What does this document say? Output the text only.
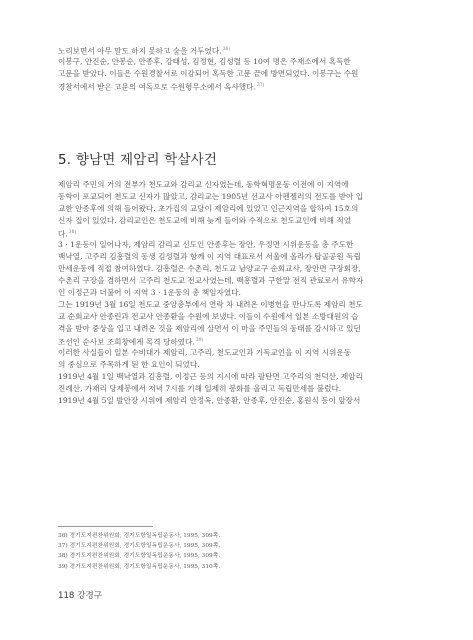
노리보면서 아무 말도 하지 못하고 숨을 거두었다.$^{36)}$
이봉구, 안진순, 안봉순, 안종후, 강태성, 김정현, 김성렬 등 10여 명은 주재소에서 혹독한
고문을 받았다. 이들은 수원경찰서로 이감되어 혹독한 고문 끝에 방면되었다. 이봉구는 수원
경찰서에서 받은 고문의 여독으로 수원형무소에서 옥사했다.$^{37)}$
5. 향남면 제암리 학살사건
제암리 주민의 거의 전부가 천도교와 감리교 신자였는데, 동학혁명운동 이전에 이 지역에
동학이 포교되어 천도교 신자가 많았고, 감리교는 1905년 선교사 아펜젤러의 전도를 받아 입
교한 안종후에 의해 들어왔다. 초가집의 교당이 제암리에 있었고 인근지역을 합하여 15호의
신자 집이 있었다. 감리교인은 천도교에 비해 늦게 들어와 수적으로 천도교인에 비해 적었
다.$^{38)}$
3 · 1운동이 일어나자, 제암리 감리교 신도인 안종후는 장안, 우정면 시위운동을 총 주도한
백낙열, 고주리 김흥렬의 동생 김성렬과 함께 이 지역 대표로서 서울에 올라가 탑골공원 독립
만세운동에 직접 참여하였다. 김흥렬은 수촌리, 천도교 남양교구 순회교사, 장안면 구장회장,
수촌리 구장을 겸하면서 고주리 천도교 전교사였는데, 백흥렬과 구한말 전직 관료로서 유학자
인 이정근과 더불어 이 지역 3 · 1운동의 총 책임자였다.
그는 1919년 3월 16일 천도교 중앙총부에서 연락 차 내려온 이병헌을 만나도록 제암리 천도
교 순회교사 안종린과 전교사 안종환을 수원에 보냈다. 이들이 수원에서 일본 소방대원의 습
격을 받아 중상을 입고 내려온 것을 제암리에 살면서 이 마을 주민들의 동태를 감시하고 있던
조선인 순사보 조희창에게 목격 당하였다.$^{39)}$
이러한 사실들이 일본 수비대가 제암리, 고주리, 천도교인과 기독교인을 이 지역 시위운동
의 중심으로 주목하게 된 한 요인이 되었다.
1919년 4월 1일 백낙열과 김흥렬, 이정근 등의 지시에 따라 팔탄면 고주리의 천덕산, 제암리
진례산, 가재리 당제봉에서 저녁 7시를 기해 일제히 봉화를 올리고 독립만세를 불렀다.
1919년 4월 5일 발안장 시위에 제암리 안정옥, 안종환, 안종후, 안진순, 홍원식 등이 앞장서
36) 경기도지편찬위원회, 경기도항일독립운동사, 1995, 309쪽.
37) 경기도지편찬위원회, 경기도항일독립운동사, 1995, 309쪽.
38) 경기도지편찬위원회, 경기도항일독립운동사, 1995, 309쪽.
39) 경기도지편찬위원회, 경기도항일독립운동사, 1995, 310쪽.
118 강경구
